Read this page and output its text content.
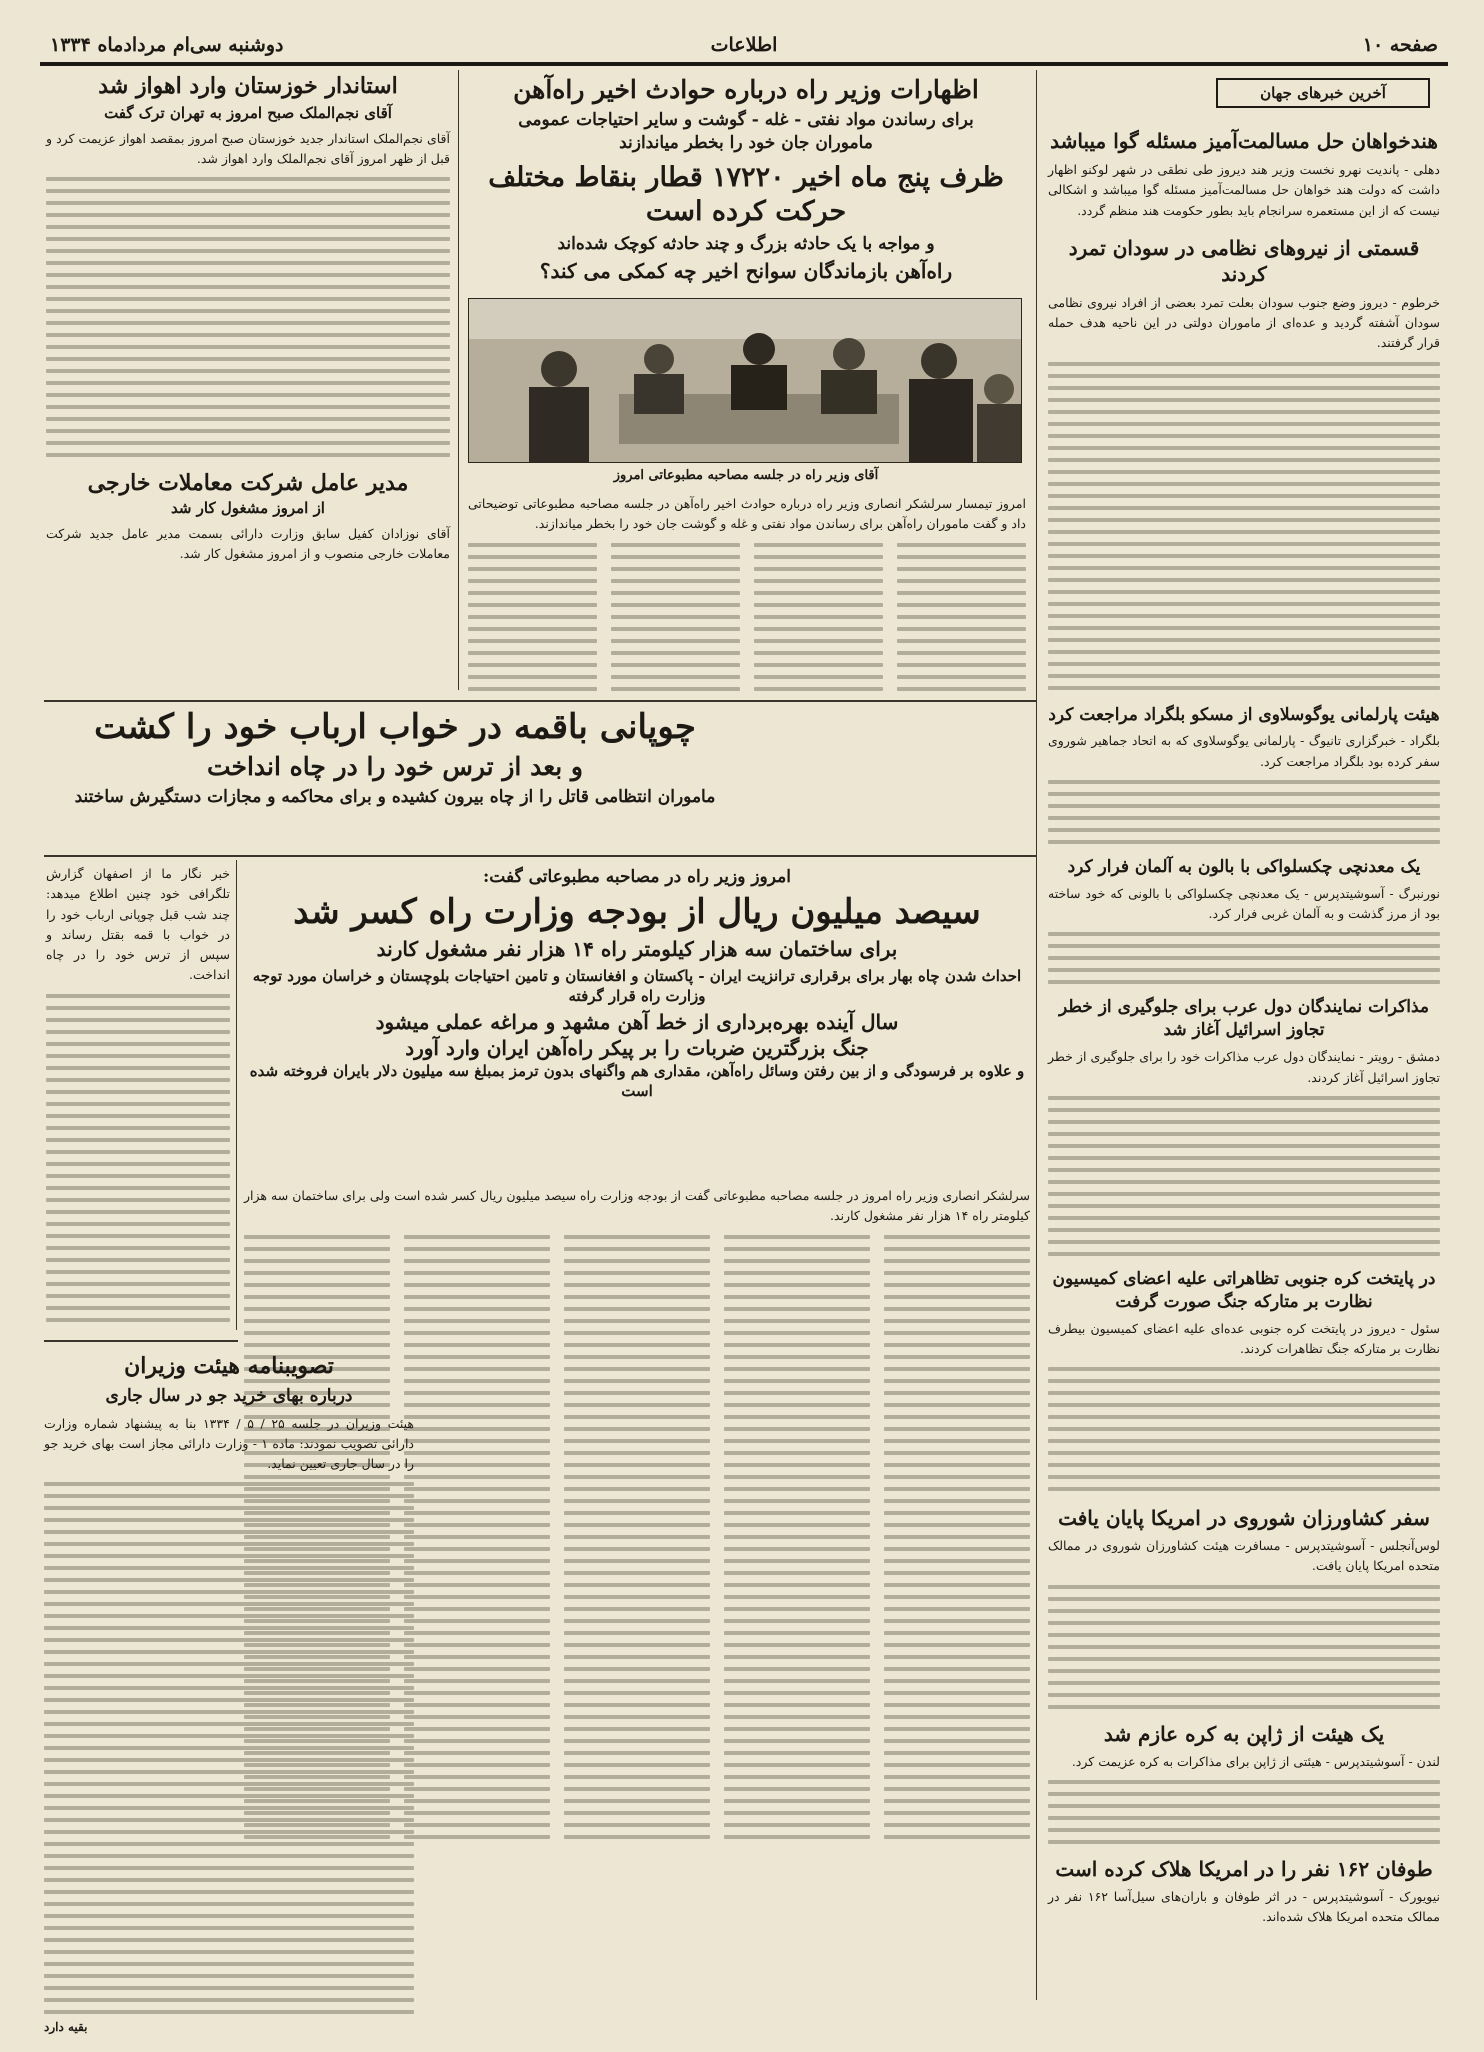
صفحه ۱۰
اطلاعات
دوشنبه سی‌ام مردادماه ۱۳۳۴
آخرین خبرهای جهان
هندخواهان حل مسالمت‌آمیز مسئله گوا میباشد
دهلی - پاندیت نهرو نخست وزیر هند دیروز طی نطقی در شهر لوکنو اظهار داشت که دولت هند خواهان حل مسالمت‌آمیز مسئله گوا میباشد و اشکالی نیست که از این مستعمره سرانجام باید بطور حکومت هند منظم گردد.
قسمتی از نیروهای نظامی در سودان تمرد کردند
خرطوم - دیروز وضع جنوب سودان بعلت تمرد بعضی از افراد نیروی نظامی سودان آشفته گردید و عده‌ای از ماموران دولتی در این ناحیه هدف حمله قرار گرفتند.
هیئت پارلمانی یوگوسلاوی از مسکو بلگراد مراجعت کرد
بلگراد - خبرگزاری تانیوگ - پارلمانی یوگوسلاوی که به اتحاد جماهیر شوروی سفر کرده بود بلگراد مراجعت کرد.
یک معدنچی چکسلواکی با بالون به آلمان فرار کرد
نورنبرگ - آسوشیتدپرس - یک معدنچی چکسلواکی با بالونی که خود ساخته بود از مرز گذشت و به آلمان غربی فرار کرد.
مذاکرات نمایندگان دول عرب برای جلوگیری از خطر تجاوز اسرائیل آغاز شد
دمشق - رویتر - نمایندگان دول عرب مذاکرات خود را برای جلوگیری از خطر تجاوز اسرائیل آغاز کردند.
در پایتخت کره جنوبی تظاهراتی علیه اعضای کمیسیون نظارت بر متارکه جنگ صورت گرفت
سئول - دیروز در پایتخت کره جنوبی عده‌ای علیه اعضای کمیسیون بیطرف نظارت بر متارکه جنگ تظاهرات کردند.
سفر کشاورزان شوروی در امریکا پایان یافت
لوس‌آنجلس - آسوشیتدپرس - مسافرت هیئت کشاورزان شوروی در ممالک متحده امریکا پایان یافت.
یک هیئت از ژاپن به کره عازم شد
لندن - آسوشیتدپرس - هیئتی از ژاپن برای مذاکرات به کره عزیمت کرد.
طوفان ۱۶۲ نفر را در امریکا هلاک کرده است
نیویورک - آسوشیتدپرس - در اثر طوفان و باران‌های سیل‌آسا ۱۶۲ نفر در ممالک متحده امریکا هلاک شده‌اند.
اظهارات وزیر راه درباره حوادث اخیر راه‌آهن
برای رساندن مواد نفتی - غله - گوشت و سایر احتیاجات عمومی
ماموران جان خود را بخطر میاندازند
ظرف پنج ماه اخیر ۱۷۲۲۰ قطار بنقاط مختلف حرکت کرده است
و مواجه با یک حادثه بزرگ و چند حادثه کوچک شده‌اند
راه‌آهن بازماندگان سوانح اخیر چه کمکی می کند؟
آقای وزیر راه در جلسه مصاحبه مطبوعاتی امروز
امروز تیمسار سرلشکر انصاری وزیر راه درباره حوادث اخیر راه‌آهن در جلسه مصاحبه مطبوعاتی توضیحاتی داد و گفت ماموران راه‌آهن برای رساندن مواد نفتی و غله و گوشت جان خود را بخطر میاندازند.
استاندار خوزستان وارد اهواز شد
آقای نجم‌الملک صبح امروز به تهران ترک گفت
آقای نجم‌الملک استاندار جدید خوزستان صبح امروز بمقصد اهواز عزیمت کرد و قبل از ظهر امروز آقای نجم‌الملک وارد اهواز شد.
مدیر عامل شرکت معاملات خارجی
از امروز مشغول کار شد
آقای نوزادان کفیل سابق وزارت دارائی بسمت مدیر عامل جدید شرکت معاملات خارجی منصوب و از امروز مشغول کار شد.
چوپانی باقمه در خواب ارباب خود را کشت
و بعد از ترس خود را در چاه انداخت
ماموران انتظامی قاتل را از چاه بیرون کشیده و برای محاکمه و مجازات دستگیرش ساختند
خبر نگار ما از اصفهان گزارش تلگرافی خود چنین اطلاع میدهد: چند شب قبل چوپانی ارباب خود را در خواب با قمه بقتل رساند و سپس از ترس خود را در چاه انداخت.
امروز وزیر راه در مصاحبه مطبوعاتی گفت:
سیصد میلیون ریال از بودجه وزارت راه کسر شد
برای ساختمان سه هزار کیلومتر راه ۱۴ هزار نفر مشغول کارند
احداث شدن چاه بهار برای برقراری ترانزیت ایران - پاکستان و افغانستان و تامین احتیاجات بلوچستان و خراسان مورد توجه وزارت راه قرار گرفته
سال آینده بهره‌برداری از خط آهن مشهد و مراغه عملی میشود
جنگ بزرگترین ضربات را بر پیکر راه‌آهن ایران وارد آورد
و علاوه بر فرسودگی و از بین رفتن وسائل راه‌آهن، مقداری هم واگنهای بدون ترمز بمبلغ سه میلیون دلار بایران فروخته شده است
سرلشکر انصاری وزیر راه امروز در جلسه مصاحبه مطبوعاتی گفت از بودجه وزارت راه سیصد میلیون ریال کسر شده است ولی برای ساختمان سه هزار کیلومتر راه ۱۴ هزار نفر مشغول کارند.
تصویبنامه هیئت وزیران
درباره بهای خرید جو در سال جاری
هیئت وزیران در جلسه ۲۵ / ۵ / ۱۳۳۴ بنا به پیشنهاد شماره وزارت دارائی تصویب نمودند: ماده ۱ - وزارت دارائی مجاز است بهای خرید جو را در سال جاری تعیین نماید.
بقیه دارد
